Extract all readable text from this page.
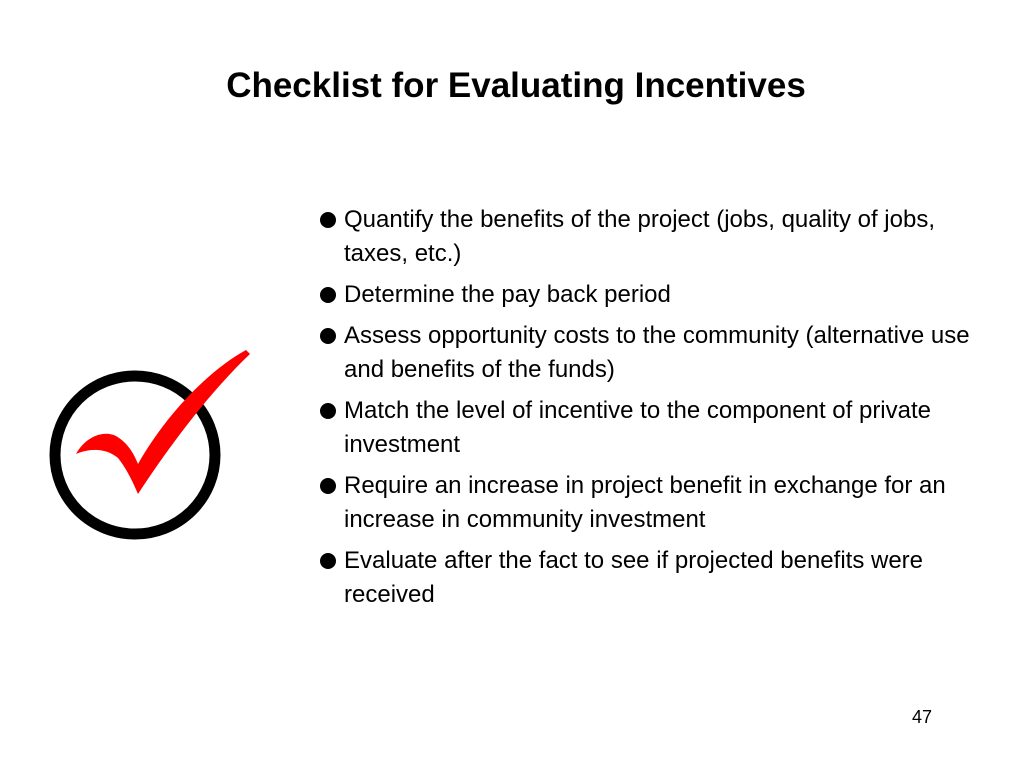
Checklist for Evaluating Incentives
Quantify the benefits of the project (jobs, quality of jobs, taxes, etc.)
Determine the pay back period
Assess opportunity costs to the community (alternative use and benefits of the funds)
Match the level of incentive to the component of private investment
Require an increase in project benefit in exchange for an increase in community investment
Evaluate after the fact to see if projected benefits were received
47
